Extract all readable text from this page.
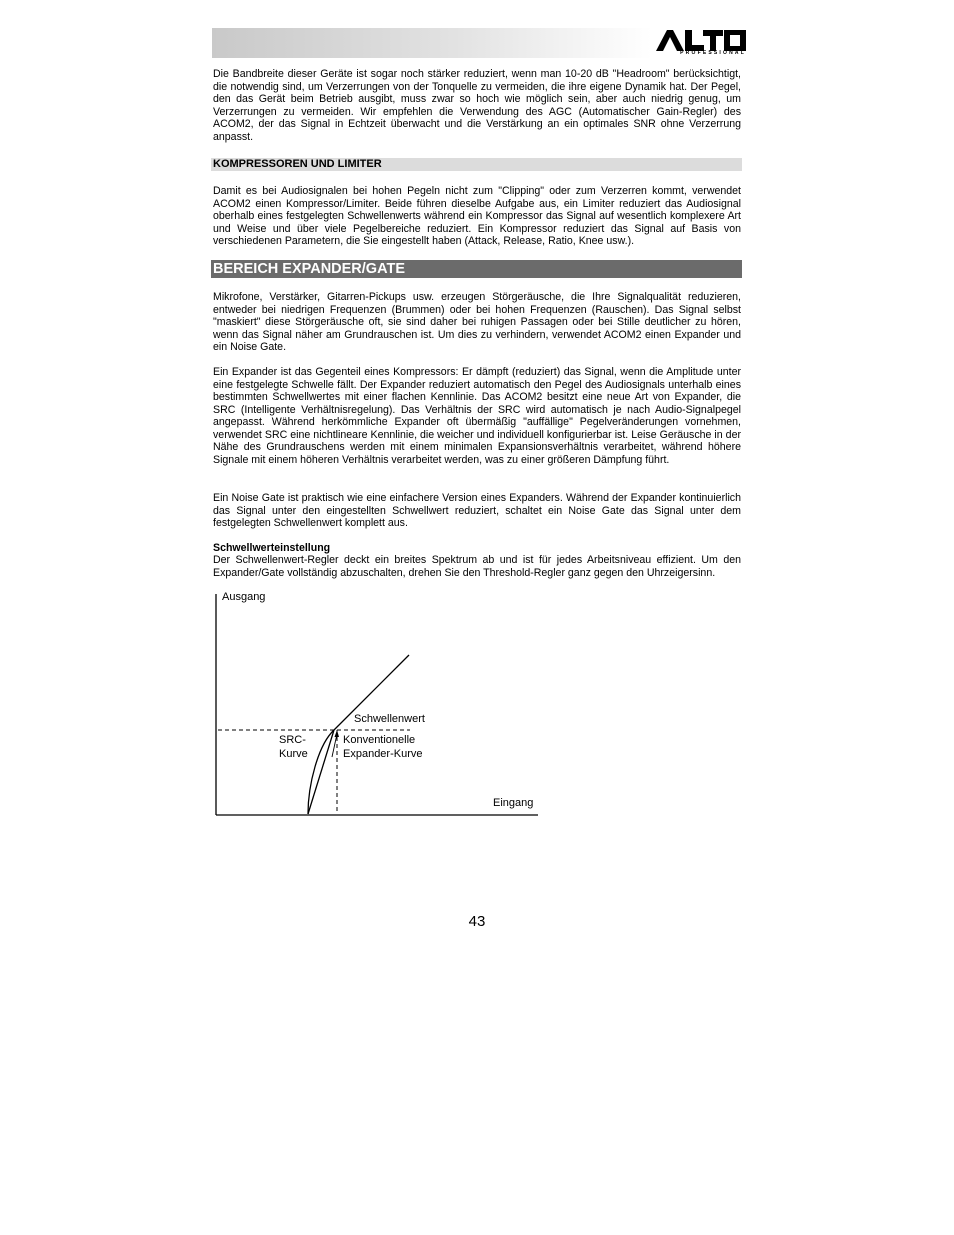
PROFESSIONAL

Die Bandbreite dieser Geräte ist sogar noch stärker reduziert, wenn man 10-20 dB "Headroom" berücksichtigt, die notwendig sind, um Verzerrungen von der Tonquelle zu vermeiden, die ihre eigene Dynamik hat. Der Pegel, den das Gerät beim Betrieb ausgibt, muss zwar so hoch wie möglich sein, aber auch niedrig genug, um Verzerrungen zu vermeiden. Wir empfehlen die Verwendung des AGC (Automatischer Gain-Regler) des ACOM2, der das Signal in Echtzeit überwacht und die Verstärkung an ein optimales SNR ohne Verzerrung anpasst.

KOMPRESSOREN UND LIMITER

Damit es bei Audiosignalen bei hohen Pegeln nicht zum "Clipping" oder zum Verzerren kommt, verwendet ACOM2 einen Kompressor/Limiter. Beide führen dieselbe Aufgabe aus, ein Limiter reduziert das Audiosignal oberhalb eines festgelegten Schwellenwerts während ein Kompressor das Signal auf wesentlich komplexere Art und Weise und über viele Pegelbereiche reduziert. Ein Kompressor reduziert das Signal auf Basis von verschiedenen Parametern, die Sie eingestellt haben (Attack, Release, Ratio, Knee usw.).

BEREICH EXPANDER/GATE

Mikrofone, Verstärker, Gitarren-Pickups usw. erzeugen Störgeräusche, die Ihre Signalqualität reduzieren, entweder bei niedrigen Frequenzen (Brummen) oder bei hohen Frequenzen (Rauschen). Das Signal selbst "maskiert" diese Störgeräusche oft, sie sind daher bei ruhigen Passagen oder bei Stille deutlicher zu hören, wenn das Signal näher am Grundrauschen ist. Um dies zu verhindern, verwendet ACOM2 einen Expander und ein Noise Gate.

Ein Expander ist das Gegenteil eines Kompressors: Er dämpft (reduziert) das Signal, wenn die Amplitude unter eine festgelegte Schwelle fällt. Der Expander reduziert automatisch den Pegel des Audiosignals unterhalb eines bestimmten Schwellwertes mit einer flachen Kennlinie. Das ACOM2 besitzt eine neue Art von Expander, die SRC (Intelligente Verhältnisregelung). Das Verhältnis der SRC wird automatisch je nach Audio-Signalpegel angepasst. Während herkömmliche Expander oft übermäßig "auffällige" Pegelveränderungen vornehmen, verwendet SRC eine nichtlineare Kennlinie, die weicher und individuell konfigurierbar ist. Leise Geräusche in der Nähe des Grundrauschens werden mit einem minimalen Expansionsverhältnis verarbeitet, während höhere Signale mit einem höheren Verhältnis verarbeitet werden, was zu einer größeren Dämpfung führt.

Ein Noise Gate ist praktisch wie eine einfachere Version eines Expanders. Während der Expander kontinuierlich das Signal unter den eingestellten Schwellwert reduziert, schaltet ein Noise Gate das Signal unter dem festgelegten Schwellenwert komplett aus.

Schwellwerteinstellung

Der Schwellenwert-Regler deckt ein breites Spektrum ab und ist für jedes Arbeitsniveau effizient. Um den Expander/Gate vollständig abzuschalten, drehen Sie den Threshold-Regler ganz gegen den Uhrzeigersinn.

Ausgang
Schwellenwert
SRC-
Kurve
Konventionelle
Expander-Kurve
Eingang
43
